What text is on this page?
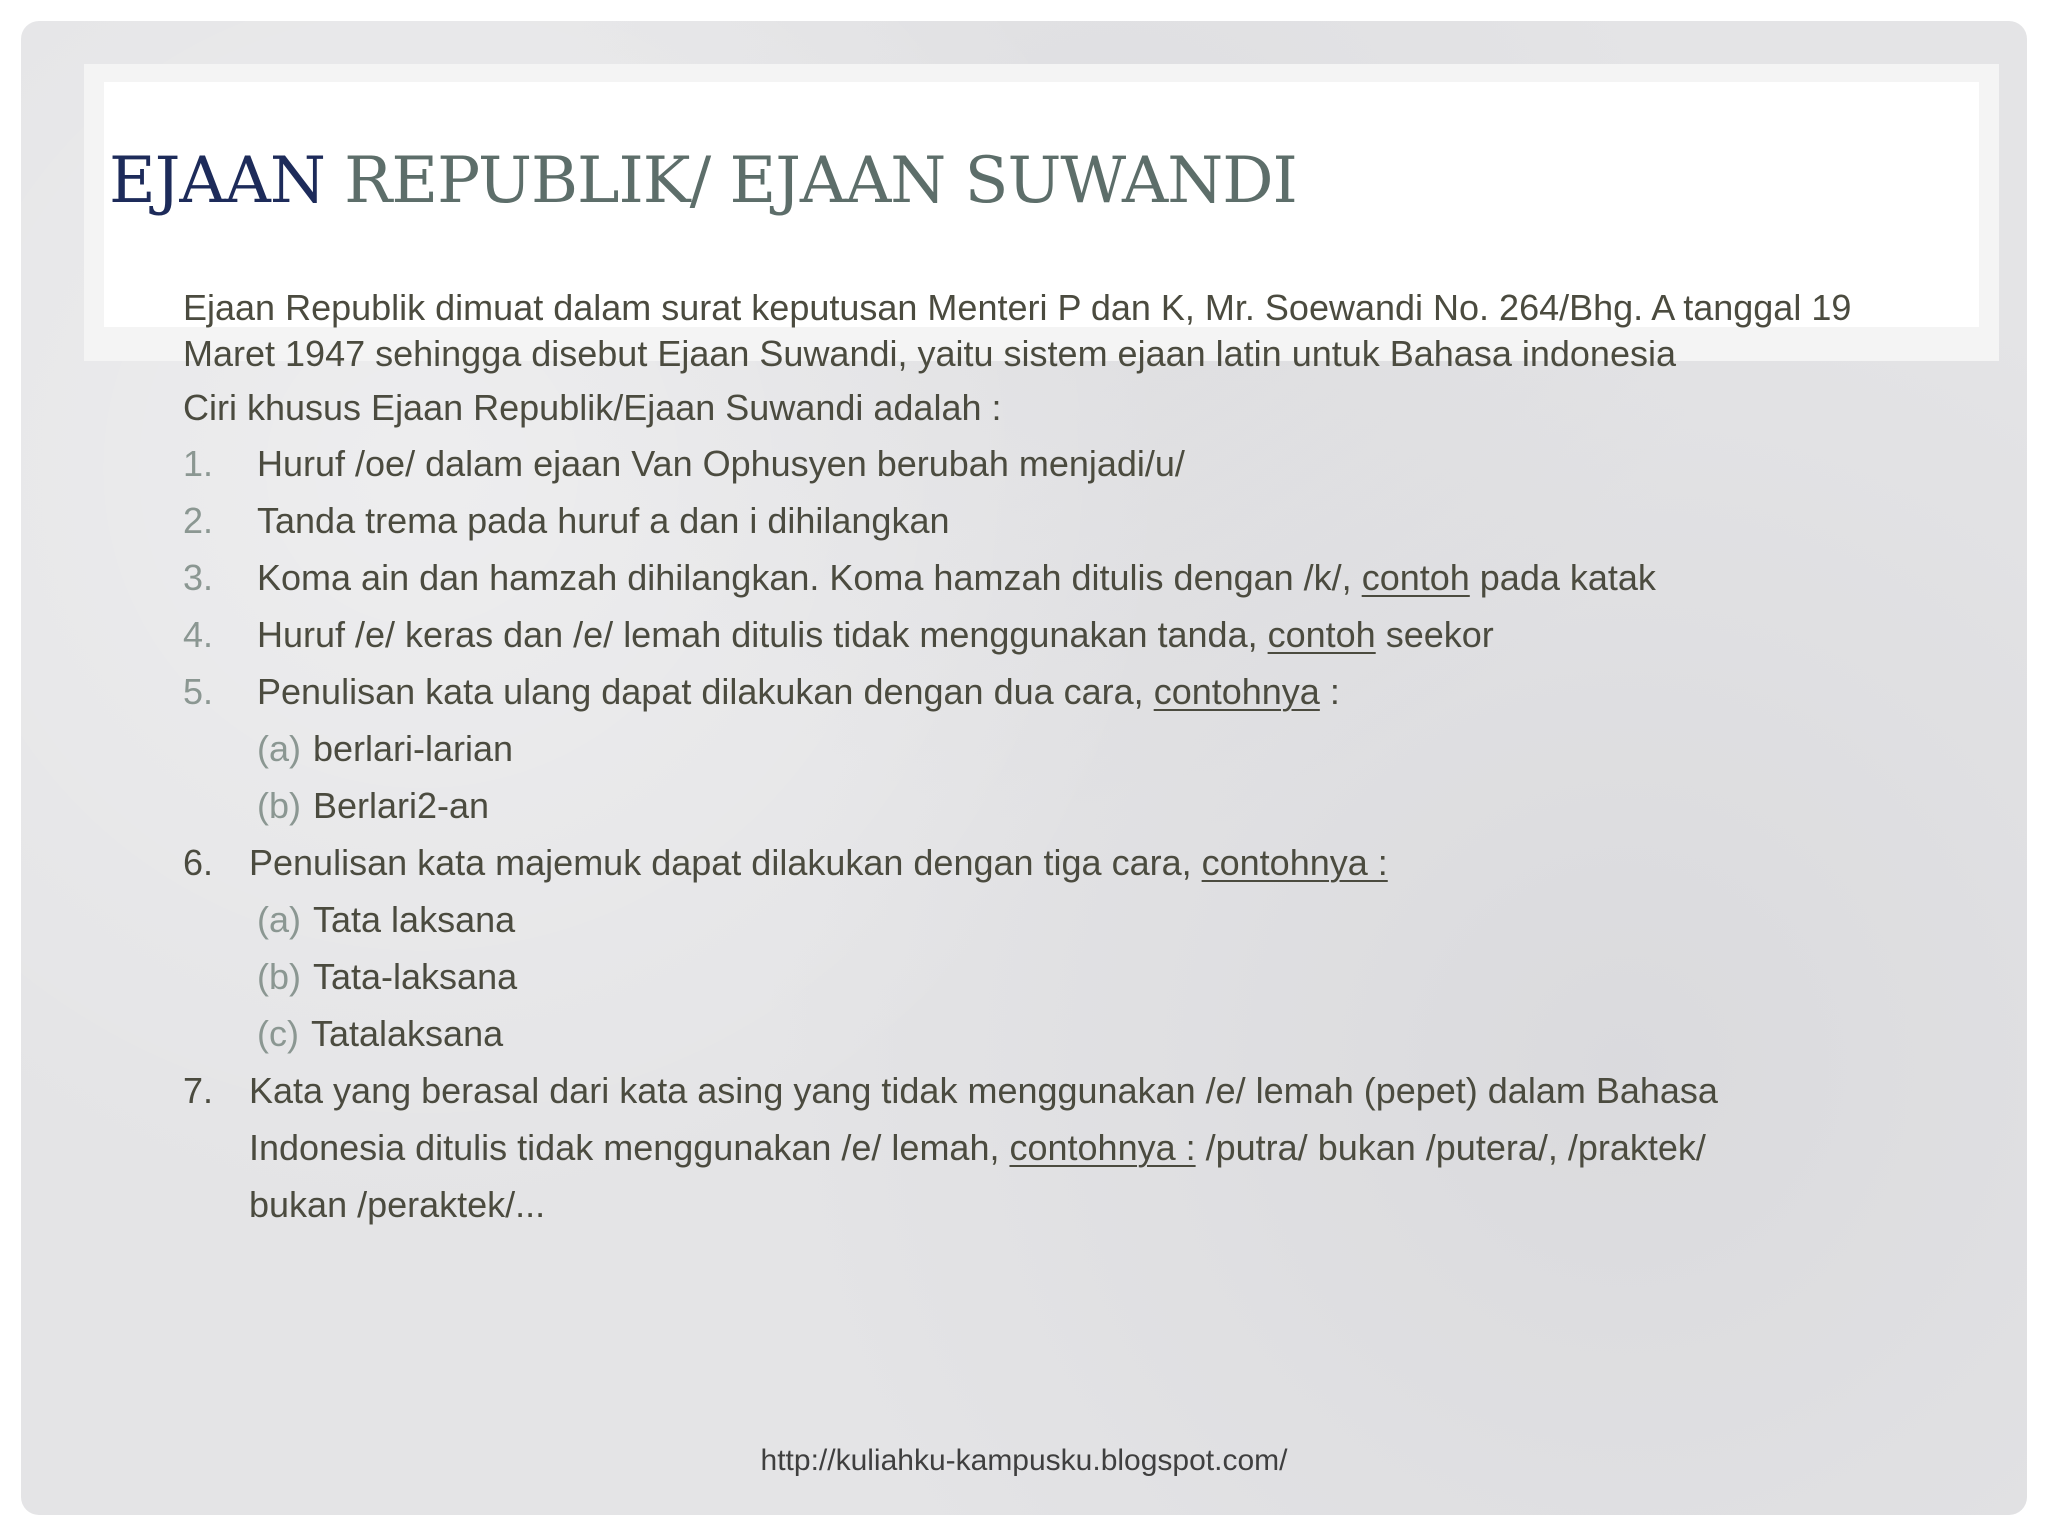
EJAAN REPUBLIK/ EJAAN SUWANDI

Ejaan Republik dimuat dalam surat keputusan Menteri P dan K, Mr. Soewandi No. 264/Bhg. A tanggal 19 Maret 1947 sehingga disebut Ejaan Suwandi, yaitu sistem ejaan latin untuk Bahasa indonesia

Ciri khusus Ejaan Republik/Ejaan Suwandi adalah :

1. Huruf /oe/ dalam ejaan Van Ophusyen berubah menjadi/u/
2. Tanda trema pada huruf a dan i dihilangkan
3. Koma ain dan hamzah dihilangkan. Koma hamzah ditulis dengan /k/, contoh pada katak
4. Huruf /e/ keras dan /e/ lemah ditulis tidak menggunakan tanda, contoh seekor
5. Penulisan kata ulang dapat dilakukan dengan dua cara, contohnya :
(a) berlari-larian
(b) Berlari2-an
6. Penulisan kata majemuk dapat dilakukan dengan tiga cara, contohnya :
(a) Tata laksana
(b) Tata-laksana
(c) Tatalaksana
7. Kata yang berasal dari kata asing yang tidak menggunakan /e/ lemah (pepet) dalam Bahasa Indonesia ditulis tidak menggunakan /e/ lemah, contohnya : /putra/ bukan /putera/, /praktek/ bukan /peraktek/...
http://kuliahku-kampusku.blogspot.com/
